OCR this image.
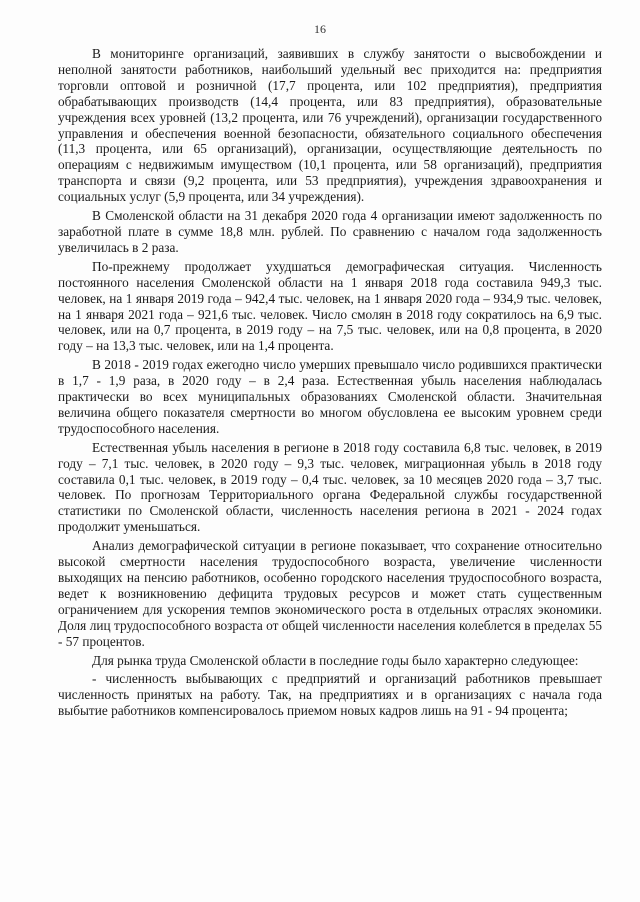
16

В мониторинге организаций, заявивших в службу занятости о высвобождении и неполной занятости работников, наибольший удельный вес приходится на: предприятия торговли оптовой и розничной (17,7 процента, или 102 предприятия), предприятия обрабатывающих производств (14,4 процента, или 83 предприятия), образовательные учреждения всех уровней (13,2 процента, или 76 учреждений), организации государственного управления и обеспечения военной безопасности, обязательного социального обеспечения (11,3 процента, или 65 организаций), организации, осуществляющие деятельность по операциям с недвижимым имуществом (10,1 процента, или 58 организаций), предприятия транспорта и связи (9,2 процента, или 53 предприятия), учреждения здравоохранения и социальных услуг (5,9 процента, или 34 учреждения).

В Смоленской области на 31 декабря 2020 года 4 организации имеют задолженность по заработной плате в сумме 18,8 млн. рублей. По сравнению с началом года задолженность увеличилась в 2 раза.

По-прежнему продолжает ухудшаться демографическая ситуация. Численность постоянного населения Смоленской области на 1 января 2018 года составила 949,3 тыс. человек, на 1 января 2019 года – 942,4 тыс. человек, на 1 января 2020 года – 934,9 тыс. человек, на 1 января 2021 года – 921,6 тыс. человек. Число смолян в 2018 году сократилось на 6,9 тыс. человек, или на 0,7 процента, в 2019 году – на 7,5 тыс. человек, или на 0,8 процента, в 2020 году – на 13,3 тыс. человек, или на 1,4 процента.

В 2018 - 2019 годах ежегодно число умерших превышало число родившихся практически в 1,7 - 1,9 раза, в 2020 году – в 2,4 раза. Естественная убыль населения наблюдалась практически во всех муниципальных образованиях Смоленской области. Значительная величина общего показателя смертности во многом обусловлена ее высоким уровнем среди трудоспособного населения.

Естественная убыль населения в регионе в 2018 году составила 6,8 тыс. человек, в 2019 году – 7,1 тыс. человек, в 2020 году – 9,3 тыс. человек, миграционная убыль в 2018 году составила 0,1 тыс. человек, в 2019 году – 0,4 тыс. человек, за 10 месяцев 2020 года – 3,7 тыс. человек. По прогнозам Территориального органа Федеральной службы государственной статистики по Смоленской области, численность населения региона в 2021 - 2024 годах продолжит уменьшаться.

Анализ демографической ситуации в регионе показывает, что сохранение относительно высокой смертности населения трудоспособного возраста, увеличение численности выходящих на пенсию работников, особенно городского населения трудоспособного возраста, ведет к возникновению дефицита трудовых ресурсов и может стать существенным ограничением для ускорения темпов экономического роста в отдельных отраслях экономики. Доля лиц трудоспособного возраста от общей численности населения колеблется в пределах 55 - 57 процентов.

Для рынка труда Смоленской области в последние годы было характерно следующее:

- численность выбывающих с предприятий и организаций работников превышает численность принятых на работу. Так, на предприятиях и в организациях с начала года выбытие работников компенсировалось приемом новых кадров лишь на 91 - 94 процента;
